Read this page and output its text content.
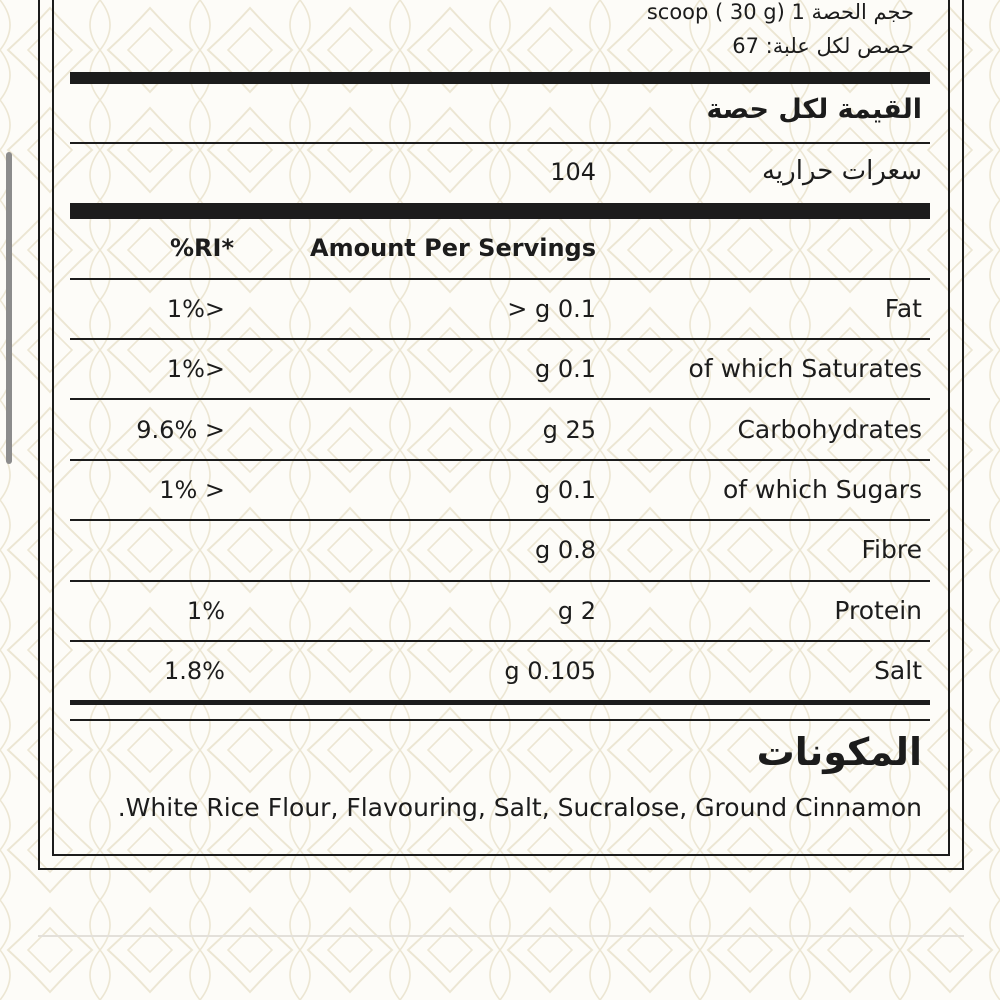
حجم الحصة 1 scoop ( 30 g)
حصص لكل علبة: 67
القيمة لكل حصة
سعرات حراريه
104
Amount Per Servings
%RI*
Fat
> g 0.1
1%>
of which Saturates
g 0.1
1%>
Carbohydrates
g 25
9.6% >
of which Sugars
g 0.1
1% >
Fibre
g 0.8
Protein
g 2
1%
Salt
g 0.105
1.8%
المكونات
.White Rice Flour, Flavouring, Salt, Sucralose, Ground Cinnamon
